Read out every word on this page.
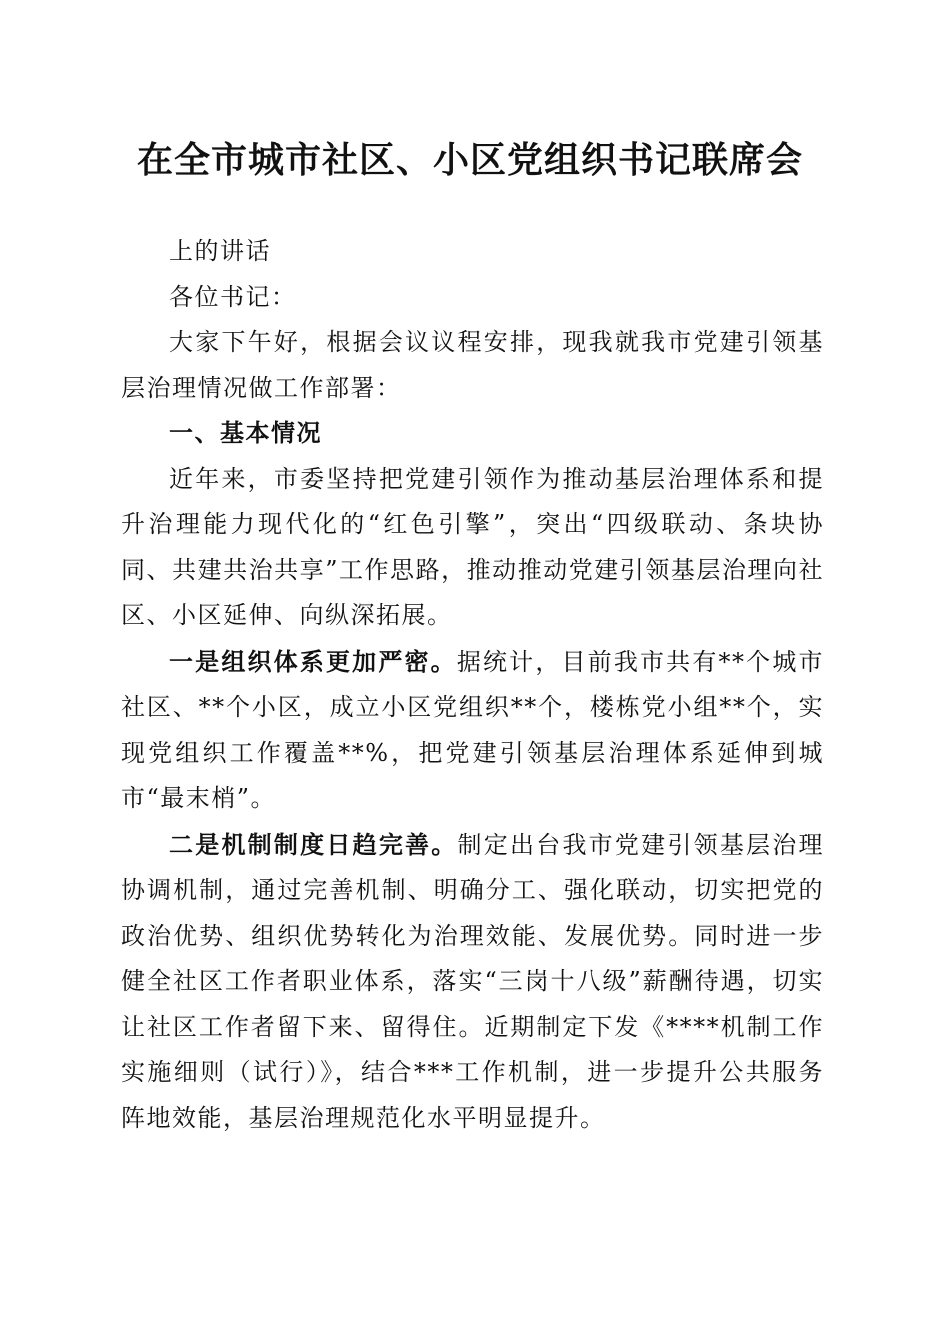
在全市城市社区、小区党组织书记联席会

上的讲话

各位书记：

大家下午好，根据会议议程安排，现我就我市党建引领基层治理情况做工作部署：

一、基本情况

近年来，市委坚持把党建引领作为推动基层治理体系和提升治理能力现代化的“红色引擎”，突出“四级联动、条块协同、共建共治共享”工作思路，推动推动党建引领基层治理向社区、小区延伸、向纵深拓展。

一是组织体系更加严密。据统计，目前我市共有**个城市社区、**个小区，成立小区党组织**个，楼栋党小组**个，实现党组织工作覆盖**%，把党建引领基层治理体系延伸到城市“最末梢”。

二是机制制度日趋完善。制定出台我市党建引领基层治理协调机制，通过完善机制、明确分工、强化联动，切实把党的政治优势、组织优势转化为治理效能、发展优势。同时进一步健全社区工作者职业体系，落实“三岗十八级”薪酬待遇，切实让社区工作者留下来、留得住。近期制定下发《****机制工作实施细则（试行）》，结合***工作机制，进一步提升公共服务阵地效能，基层治理规范化水平明显提升。
